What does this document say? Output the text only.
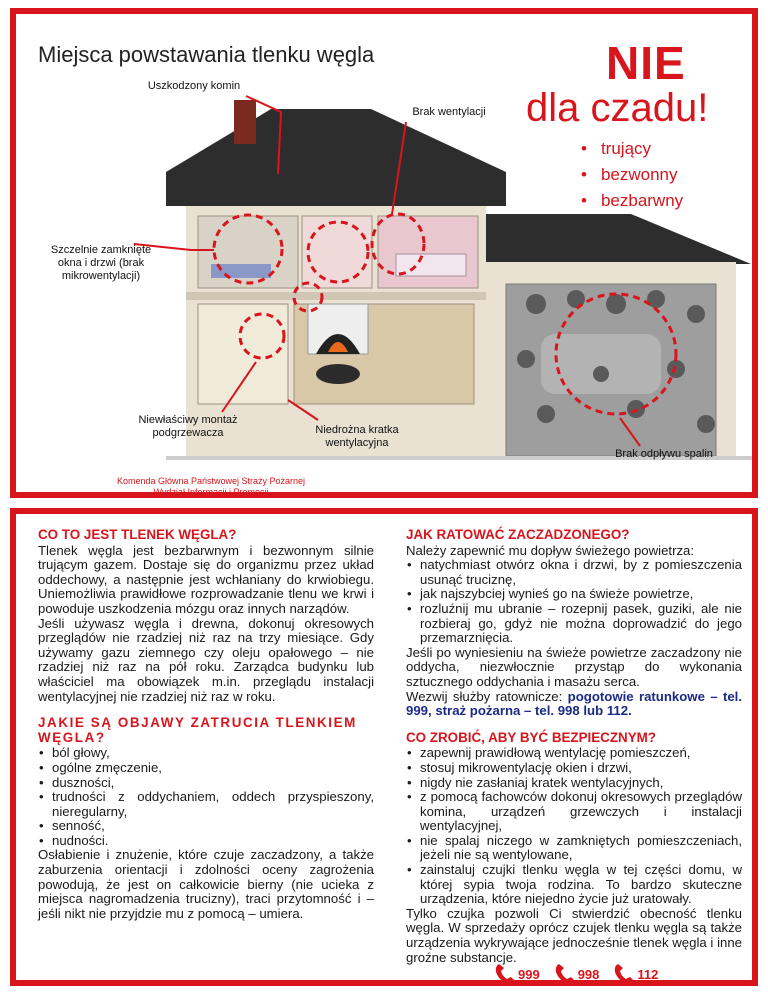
Miejsca powstawania tlenku węgla	NIE
dla czadu!
• trujący
• bezwonny
• bezbarwny
Uszkodzony komin
Brak wentylacji
Szczelnie zamknięte okna i drzwi (brak mikrowentylacji)
Niewłaściwy montaż podgrzewacza	Niedrożna kratka wentylacyjna
Brak odpływu spalin
Komenda Główna Państwowej Straży Pożarnej
Wydział Informacji i Promocji
CO TO JEST TLENEK WĘGLA?

Tlenek węgla jest bezbarwnym i bezwonnym silnie trującym gazem. Dostaje się do organizmu przez układ oddechowy, a następnie jest wchłaniany do krwiobiegu. Uniemożliwia prawidłowe rozprowadzanie tlenu we krwi i powoduje uszkodzenia mózgu oraz innych narządów.

Jeśli używasz węgla i drewna, dokonuj okresowych przeglądów nie rzadziej niż raz na trzy miesiące. Gdy używamy gazu ziemnego czy oleju opałowego – nie rzadziej niż raz na pół roku. Zarządca budynku lub właściciel ma obowiązek m.in. przeglądu instalacji wentylacyjnej nie rzadziej niż raz w roku.

JAKIE SĄ OBJAWY ZATRUCIA TLENKIEM WĘGLA?
• ból głowy,
• ogólne zmęczenie,
• duszności,
• trudności z oddychaniem, oddech przyspieszony, nieregularny,
• senność,
• nudności.

Osłabienie i znużenie, które czuje zaczadzony, a także zaburzenia orientacji i zdolności oceny zagrożenia powodują, że jest on całkowicie bierny (nie ucieka z miejsca nagromadzenia trucizny), traci przytomność i – jeśli nikt nie przyjdzie mu z pomocą – umiera.

JAK RATOWAĆ ZACZADZONEGO?

Należy zapewnić mu dopływ świeżego powietrza:

• natychmiast otwórz okna i drzwi, by z pomieszczenia usunąć truciznę,
• jak najszybciej wynieś go na świeże powietrze,
• rozluźnij mu ubranie – rozepnij pasek, guziki, ale nie rozbieraj go, gdyż nie można doprowadzić do jego przemarznięcia.

Jeśli po wyniesieniu na świeże powietrze zaczadzony nie oddycha, niezwłocznie przystąp do wykonania sztucznego oddychania i masażu serca.

Wezwij służby ratownicze: pogotowie ratunkowe – tel. 999, straż pożarna – tel. 998 lub 112.

CO ZROBIĆ, ABY BYĆ BEZPIECZNYM?
• zapewnij prawidłową wentylację pomieszczeń,
• stosuj mikrowentylację okien i drzwi,
• nigdy nie zasłaniaj kratek wentylacyjnych,
• z pomocą fachowców dokonuj okresowych przeglądów komina, urządzeń grzewczych i instalacji wentylacyjnej,
• nie spalaj niczego w zamkniętych pomieszczeniach, jeżeli nie są wentylowane,
• zainstaluj czujki tlenku węgla w tej części domu, w której sypia twoja rodzina. To bardzo skuteczne urządzenia, które niejedno życie już uratowały.

Tylko czujka pozwoli Ci stwierdzić obecność tlenku węgla. W sprzedaży oprócz czujek tlenku węgla są także urządzenia wykrywające jednocześnie tlenek węgla i inne groźne substancje.

999	998	112
